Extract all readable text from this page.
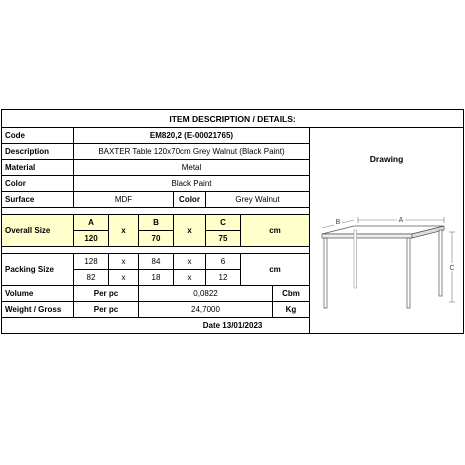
ITEM DESCRIPTION / DETAILS:								
Code	EM820,2 (E-00021765)							Drawing
A
B
C

Description	BAXTER Table 120x70cm Grey Walnut (Black Paint)							
Material	Metal							
Color	Black Paint							
Surface	MDF			Color	Grey Walnut			

Overall Size	A	x	B	x	C	cm		
	120		70		75			

Packing Size	128	x	84	x	6	cm		
	82	x	18	x	12			
Volume	Per pc		0,0822				Cbm	
Weight / Gross	Per pc		24,7000				Kg	
Date 13/01/2023								
